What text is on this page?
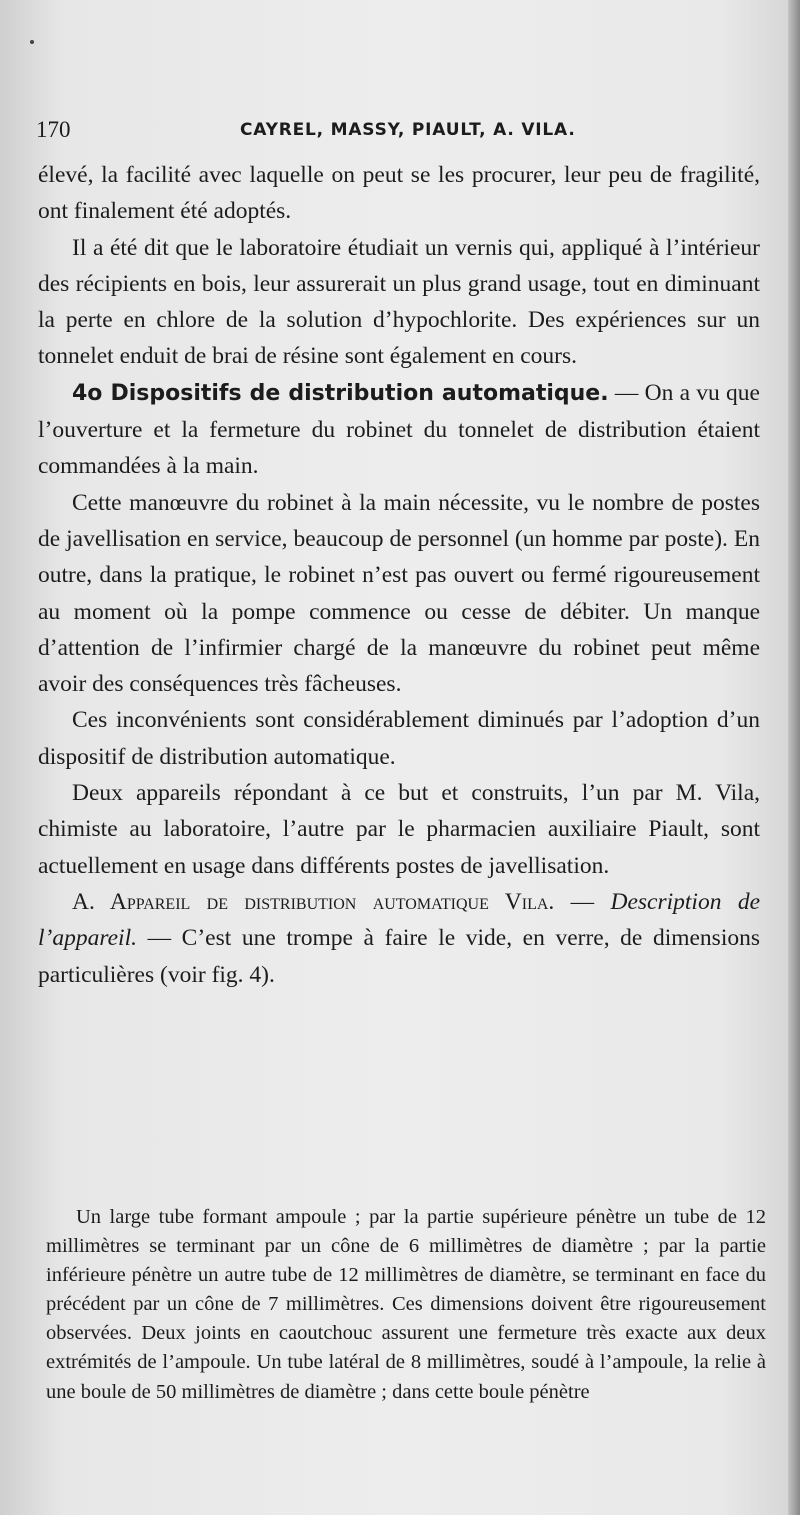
170	CAYREL, MASSY, PIAULT, A. VILA.

élevé, la facilité avec laquelle on peut se les procurer, leur peu de fragilité, ont finalement été adoptés.

Il a été dit que le laboratoire étudiait un vernis qui, appliqué à l’intérieur des récipients en bois, leur assurerait un plus grand usage, tout en diminuant la perte en chlore de la solution d’hypochlorite. Des expériences sur un tonnelet enduit de brai de résine sont également en cours.

4o Dispositifs de distribution automatique. — On a vu que l’ouverture et la fermeture du robinet du tonnelet de distribution étaient commandées à la main.

Cette manœuvre du robinet à la main nécessite, vu le nombre de postes de javellisation en service, beaucoup de personnel (un homme par poste). En outre, dans la pratique, le robinet n’est pas ouvert ou fermé rigoureusement au moment où la pompe commence ou cesse de débiter. Un manque d’attention de l’infirmier chargé de la manœuvre du robinet peut même avoir des conséquences très fâcheuses.

Ces inconvénients sont considérablement diminués par l’adoption d’un dispositif de distribution automatique.

Deux appareils répondant à ce but et construits, l’un par M. Vila, chimiste au laboratoire, l’autre par le pharmacien auxiliaire Piault, sont actuellement en usage dans différents postes de javellisation.

A. Appareil de distribution automatique Vila. — Description de l’appareil. — C’est une trompe à faire le vide, en verre, de dimensions particulières (voir fig. 4).

Un large tube formant ampoule ; par la partie supérieure pénètre un tube de 12 millimètres se terminant par un cône de 6 millimètres de diamètre ; par la partie inférieure pénètre un autre tube de 12 millimètres de diamètre, se terminant en face du précédent par un cône de 7 millimètres. Ces dimensions doivent être rigoureusement observées. Deux joints en caoutchouc assurent une fermeture très exacte aux deux extrémités de l’ampoule. Un tube latéral de 8 millimètres, soudé à l’ampoule, la relie à une boule de 50 millimètres de diamètre ; dans cette boule pénètre
